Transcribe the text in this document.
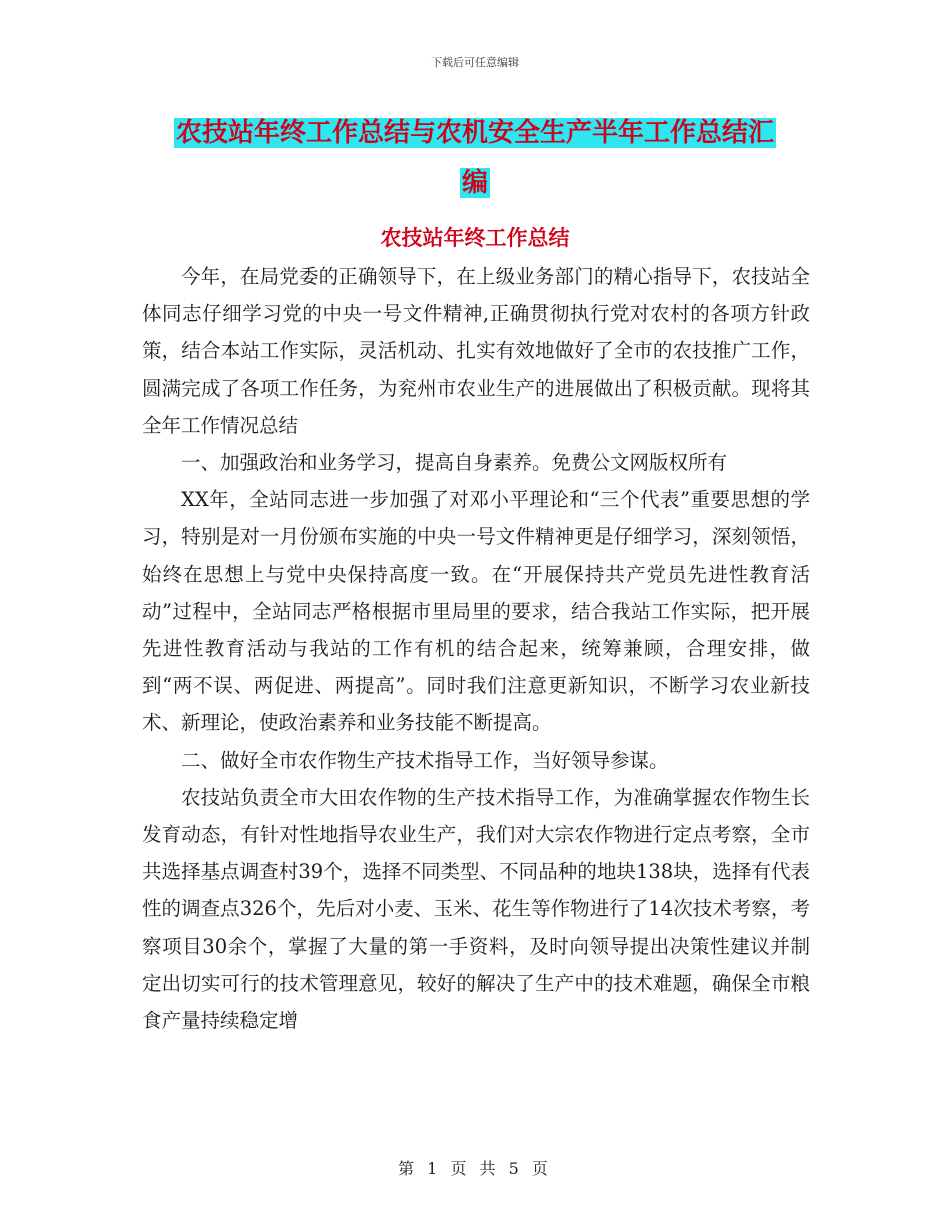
下载后可任意编辑
农技站年终工作总结与农机安全生产半年工作总结汇
编
农技站年终工作总结

今年，在局党委的正确领导下，在上级业务部门的精心指导下，农技站全体同志仔细学习党的中央一号文件精神,正确贯彻执行党对农村的各项方针政策，结合本站工作实际，灵活机动、扎实有效地做好了全市的农技推广工作，圆满完成了各项工作任务，为兖州市农业生产的进展做出了积极贡献。现将其全年工作情况总结

一、加强政治和业务学习，提高自身素养。免费公文网版权所有

XX年，全站同志进一步加强了对邓小平理论和“三个代表”重要思想的学习，特别是对一月份颁布实施的中央一号文件精神更是仔细学习，深刻领悟，始终在思想上与党中央保持高度一致。在“开展保持共产党员先进性教育活动”过程中，全站同志严格根据市里局里的要求，结合我站工作实际，把开展先进性教育活动与我站的工作有机的结合起来，统筹兼顾，合理安排，做到“两不误、两促进、两提高”。同时我们注意更新知识，不断学习农业新技术、新理论，使政治素养和业务技能不断提高。

二、做好全市农作物生产技术指导工作，当好领导参谋。

农技站负责全市大田农作物的生产技术指导工作，为准确掌握农作物生长发育动态，有针对性地指导农业生产，我们对大宗农作物进行定点考察，全市共选择基点调查村39个，选择不同类型、不同品种的地块138块，选择有代表性的调查点326个，先后对小麦、玉米、花生等作物进行了14次技术考察，考察项目30余个，掌握了大量的第一手资料，及时向领导提出决策性建议并制定出切实可行的技术管理意见，较好的解决了生产中的技术难题，确保全市粮食产量持续稳定增

第 1 页 共 5 页
